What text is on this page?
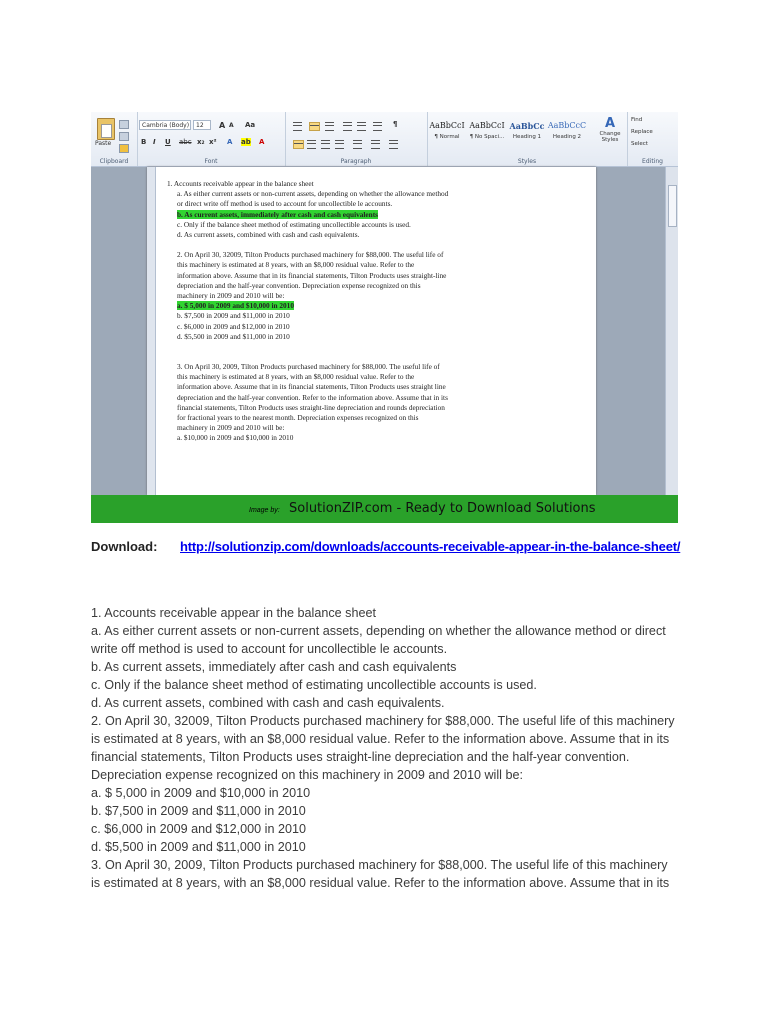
Paste
Clipboard
Cambria (Body)	12
B I U abc x₂ x² A ab A
A A Aa
Font
¶
Paragraph
AaBbCcI
¶ Normal
AaBbCcI
¶ No Spaci...
AaBbCc
Heading 1
AaBbCcC
Heading 2
A
Change Styles
Styles
Find
Replace
Select
Editing

1. Accounts receivable appear in the balance sheet

a. As either current assets or non-current assets, depending on whether the allowance method or direct write off method is used to account for uncollectible le accounts.

b. As current assets, immediately after cash and cash equivalents

c. Only if the balance sheet method of estimating uncollectible accounts is used.

d. As current assets, combined with cash and cash equivalents.

2. On April 30, 32009, Tilton Products purchased machinery for $88,000. The useful life of this machinery is estimated at 8 years, with an $8,000 residual value. Refer to the information above. Assume that in its financial statements, Tilton Products uses straight-line depreciation and the half-year convention. Depreciation expense recognized on this machinery in 2009 and 2010 will be:

a. $ 5,000 in 2009 and $10,000 in 2010

b. $7,500 in 2009 and $11,000 in 2010

c. $6,000 in 2009 and $12,000 in 2010

d. $5,500 in 2009 and $11,000 in 2010

3. On April 30, 2009, Tilton Products purchased machinery for $88,000. The useful life of this machinery is estimated at 8 years, with an $8,000 residual value. Refer to the information above. Assume that in its financial statements, Tilton Products uses straight line depreciation and the half-year convention. Refer to the information above. Assume that in its financial statements, Tilton Products uses straight-line depreciation and rounds depreciation for fractional years to the nearest month. Depreciation expenses recognized on this machinery in 2009 and 2010 will be:

a. $10,000 in 2009 and $10,000 in 2010

Image by: SolutionZIP.com - Ready to Download Solutions
Download: http://solutionzip.com/downloads/accounts-receivable-appear-in-the-balance-sheet/

1. Accounts receivable appear in the balance sheet

a. As either current assets or non-current assets, depending on whether the allowance method or direct write off method is used to account for uncollectible le accounts.

b. As current assets, immediately after cash and cash equivalents

c. Only if the balance sheet method of estimating uncollectible accounts is used.

d. As current assets, combined with cash and cash equivalents.

2. On April 30, 32009, Tilton Products purchased machinery for $88,000. The useful life of this machinery is estimated at 8 years, with an $8,000 residual value. Refer to the information above. Assume that in its financial statements, Tilton Products uses straight-line depreciation and the half-year convention. Depreciation expense recognized on this machinery in 2009 and 2010 will be:

a. $ 5,000 in 2009 and $10,000 in 2010

b. $7,500 in 2009 and $11,000 in 2010

c. $6,000 in 2009 and $12,000 in 2010

d. $5,500 in 2009 and $11,000 in 2010

3. On April 30, 2009, Tilton Products purchased machinery for $88,000. The useful life of this machinery is estimated at 8 years, with an $8,000 residual value. Refer to the information above. Assume that in its
